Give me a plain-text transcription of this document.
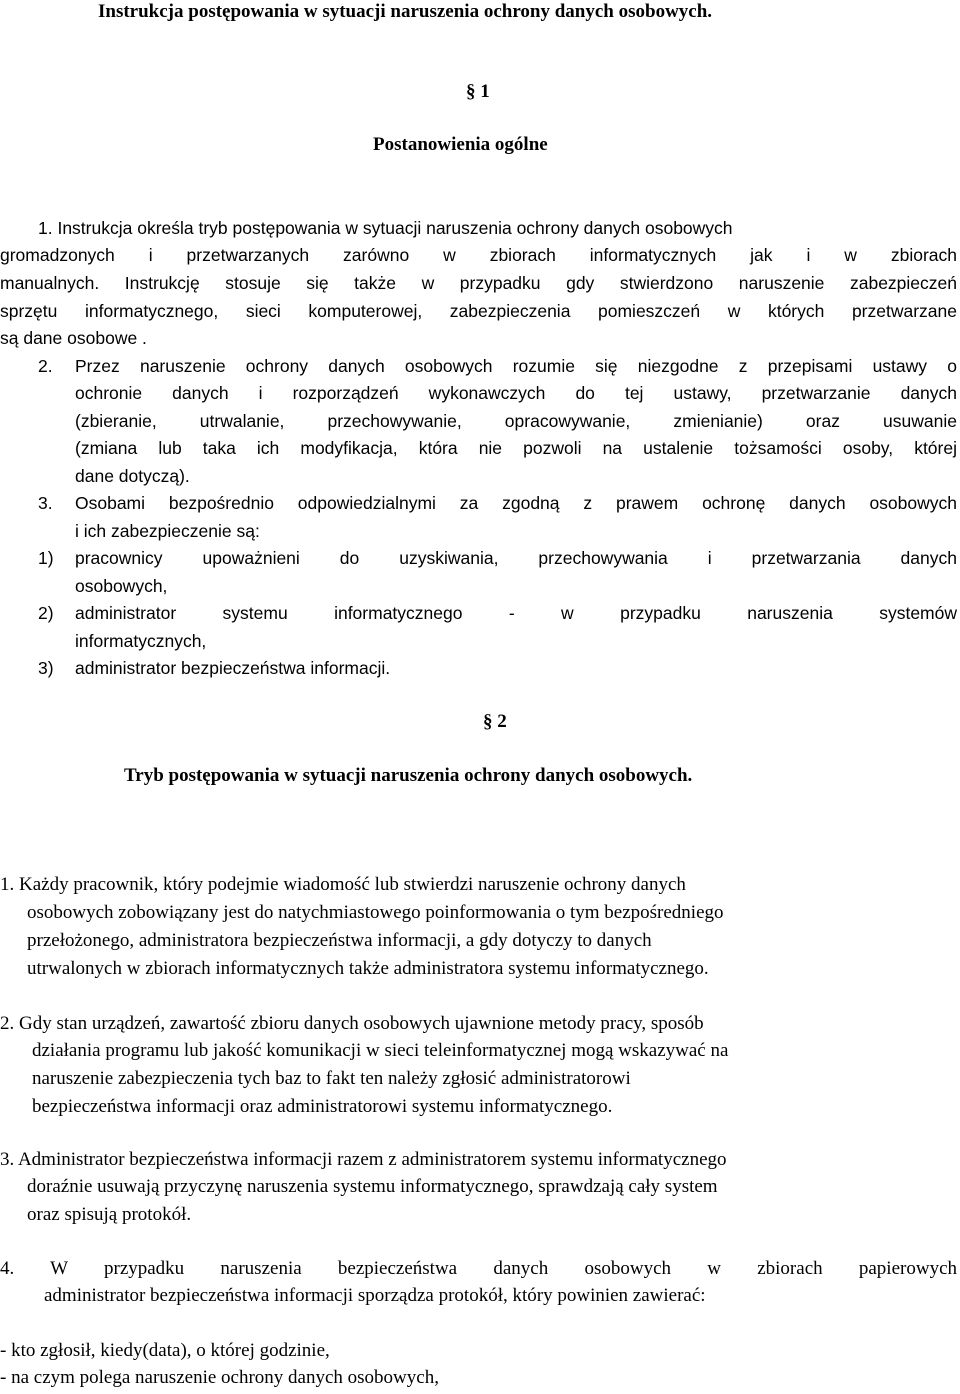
Instrukcja postępowania w sytuacji naruszenia ochrony danych osobowych.
§ 1
Postanowienia ogólne
1. Instrukcja określa tryb postępowania w sytuacji naruszenia ochrony danych osobowych
gromadzonych i przetwarzanych zarówno w zbiorach informatycznych jak i w zbiorach
manualnych. Instrukcję stosuje się także w przypadku gdy stwierdzono naruszenie zabezpieczeń
sprzętu informatycznego, sieci komputerowej, zabezpieczenia pomieszczeń w których przetwarzane
są dane osobowe .
2. Przez naruszenie ochrony danych osobowych rozumie się niezgodne z przepisami ustawy o
ochronie danych i rozporządzeń wykonawczych do tej ustawy, przetwarzanie danych
(zbieranie, utrwalanie, przechowywanie, opracowywanie, zmienianie) oraz usuwanie
(zmiana lub taka ich modyfikacja, która nie pozwoli na ustalenie tożsamości osoby, której
dane dotyczą).
3. Osobami bezpośrednio odpowiedzialnymi za zgodną z prawem ochronę danych osobowych
i ich zabezpieczenie są:
1) pracownicy upoważnieni do uzyskiwania, przechowywania i przetwarzania danych
osobowych,
2) administrator systemu informatycznego - w przypadku naruszenia systemów
informatycznych,
3) administrator bezpieczeństwa informacji.
§ 2
Tryb postępowania w sytuacji naruszenia ochrony danych osobowych.
1. Każdy pracownik, który podejmie wiadomość lub stwierdzi naruszenie ochrony danych
osobowych zobowiązany jest do natychmiastowego poinformowania o tym bezpośredniego
przełożonego, administratora bezpieczeństwa informacji, a gdy dotyczy to danych
utrwalonych w zbiorach informatycznych także administratora systemu informatycznego.
2. Gdy stan urządzeń, zawartość zbioru danych osobowych ujawnione metody pracy, sposób
działania programu lub jakość komunikacji w sieci teleinformatycznej mogą wskazywać na
naruszenie zabezpieczenia tych baz to fakt ten należy zgłosić administratorowi
bezpieczeństwa informacji oraz administratorowi systemu informatycznego.
3. Administrator bezpieczeństwa informacji razem z administratorem systemu informatycznego
doraźnie usuwają przyczynę naruszenia systemu informatycznego, sprawdzają cały system
oraz spisują protokół.
4. W przypadku naruszenia bezpieczeństwa danych osobowych w zbiorach papierowych
administrator bezpieczeństwa informacji sporządza protokół, który powinien zawierać:
- kto zgłosił, kiedy(data), o której godzinie,
- na czym polega naruszenie ochrony danych osobowych,
